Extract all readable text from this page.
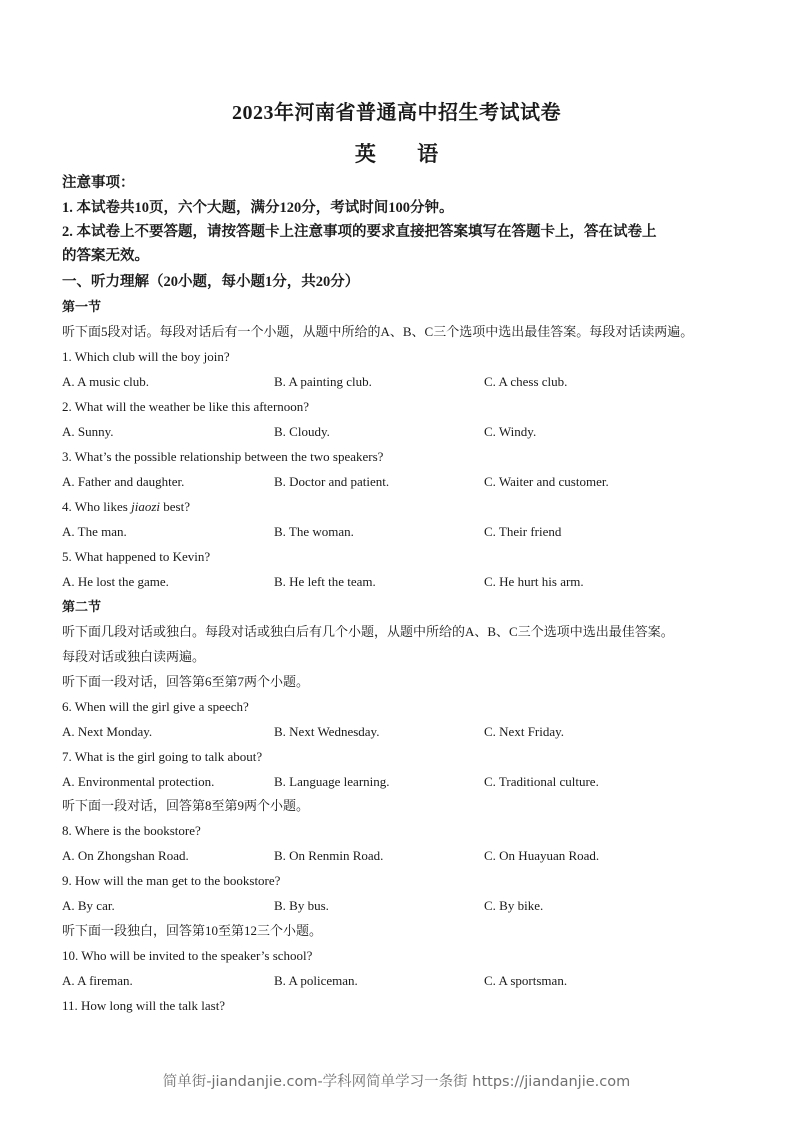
2023年河南省普通高中招生考试试卷
英 语
注意事项：
1. 本试卷共10页，六个大题，满分120分，考试时间100分钟。
2. 本试卷上不要答题，请按答题卡上注意事项的要求直接把答案填写在答题卡上，答在试卷上
的答案无效。
一、听力理解（20小题，每小题1分，共20分）
第一节
听下面5段对话。每段对话后有一个小题，从题中所给的A、B、C三个选项中选出最佳答案。每段对话读两遍。
1. Which club will the boy join?
A. A music club.	B. A painting club.	C. A chess club.
2. What will the weather be like this afternoon?
A. Sunny.	B. Cloudy.	C. Windy.
3. What’s the possible relationship between the two speakers?
A. Father and daughter.	B. Doctor and patient.	C. Waiter and customer.
4. Who likes jiaozi best?
A. The man.	B. The woman.	C. Their friend
5. What happened to Kevin?
A. He lost the game.	B. He left the team.	C. He hurt his arm.
第二节
听下面几段对话或独白。每段对话或独白后有几个小题，从题中所给的A、B、C三个选项中选出最佳答案。
每段对话或独白读两遍。
听下面一段对话，回答第6至第7两个小题。
6. When will the girl give a speech?
A. Next Monday.	B. Next Wednesday.	C. Next Friday.
7. What is the girl going to talk about?
A. Environmental protection.	B. Language learning.	C. Traditional culture.
听下面一段对话，回答第8至第9两个小题。
8. Where is the bookstore?
A. On Zhongshan Road.	B. On Renmin Road.	C. On Huayuan Road.
9. How will the man get to the bookstore?
A. By car.	B. By bus.	C. By bike.
听下面一段独白，回答第10至第12三个小题。
10. Who will be invited to the speaker’s school?
A. A fireman.	B. A policeman.	C. A sportsman.
11. How long will the talk last?
简单街-jiandanjie.com-学科网简单学习一条街 https://jiandanjie.com
